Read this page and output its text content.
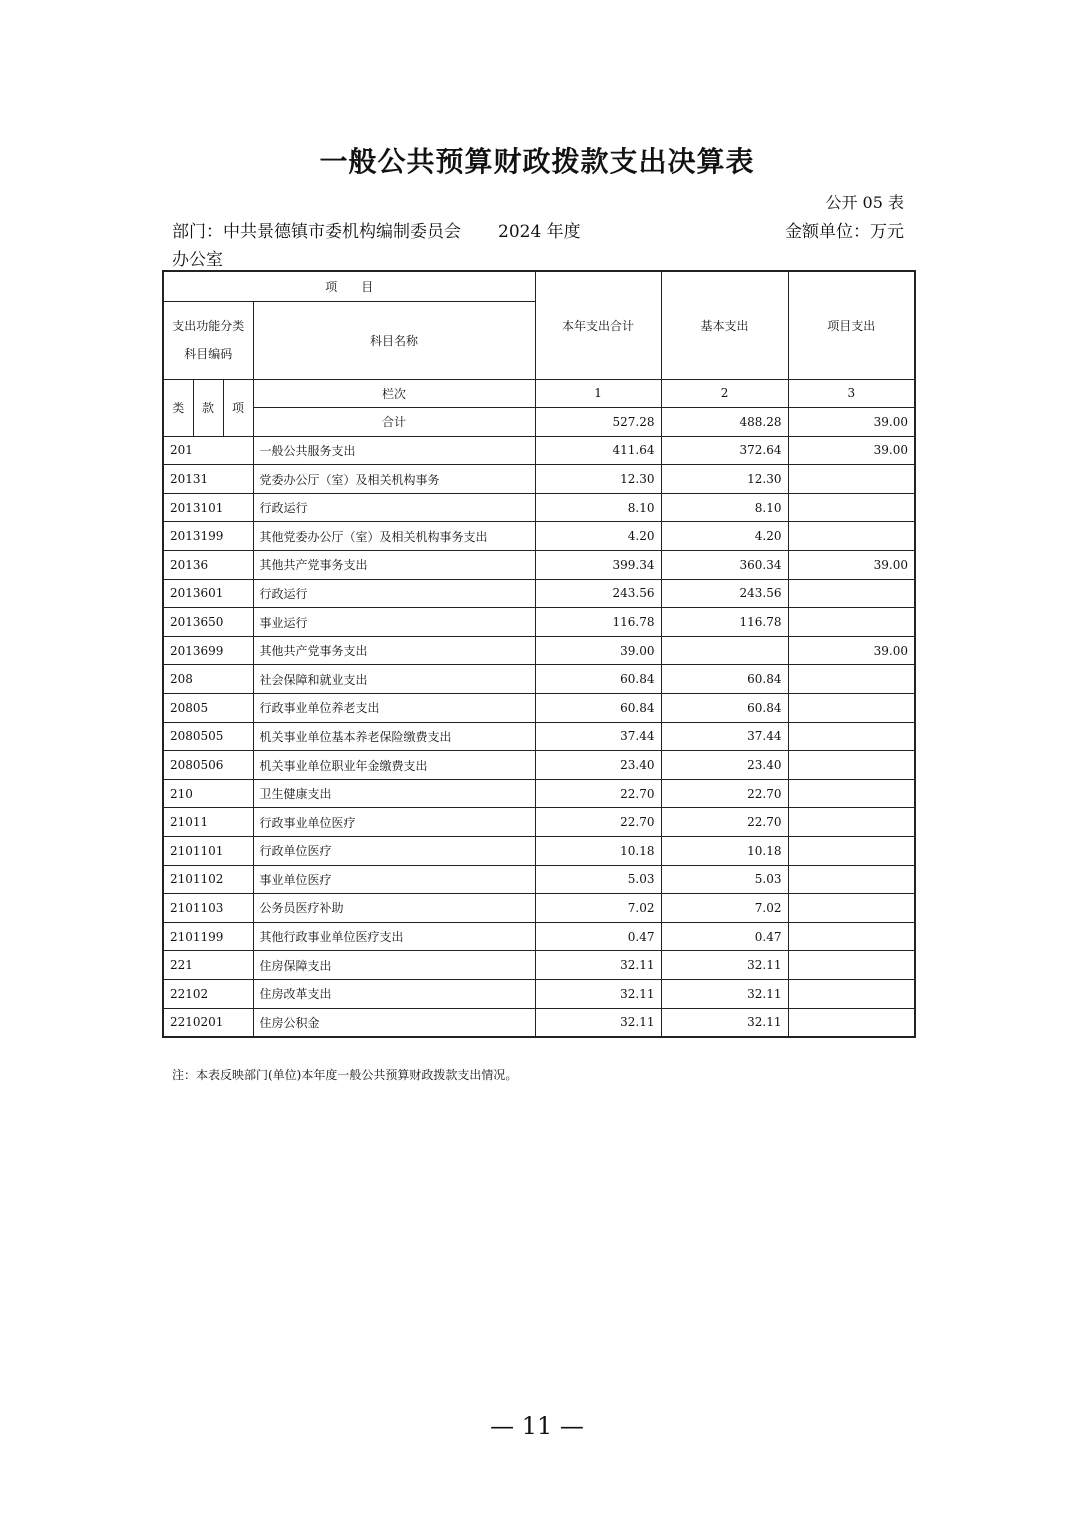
一般公共预算财政拨款支出决算表
公开 05 表
部门：中共景德镇市委机构编制委员会办公室
2024 年度	金额单位：万元
项　　目				本年支出合计	基本支出	项目支出
支出功能分类科目编码			科目名称			
类	款	项	栏次	1	2	3
			合计	527.28	488.28	39.00
201			一般公共服务支出	411.64	372.64	39.00
20131			党委办公厅（室）及相关机构事务	12.30	12.30	
2013101			行政运行	8.10	8.10	
2013199			其他党委办公厅（室）及相关机构事务支出	4.20	4.20	
20136			其他共产党事务支出	399.34	360.34	39.00
2013601			行政运行	243.56	243.56	
2013650			事业运行	116.78	116.78	
2013699			其他共产党事务支出	39.00		39.00
208			社会保障和就业支出	60.84	60.84	
20805			行政事业单位养老支出	60.84	60.84	
2080505			机关事业单位基本养老保险缴费支出	37.44	37.44	
2080506			机关事业单位职业年金缴费支出	23.40	23.40	
210			卫生健康支出	22.70	22.70	
21011			行政事业单位医疗	22.70	22.70	
2101101			行政单位医疗	10.18	10.18	
2101102			事业单位医疗	5.03	5.03	
2101103			公务员医疗补助	7.02	7.02	
2101199			其他行政事业单位医疗支出	0.47	0.47	
221			住房保障支出	32.11	32.11	
22102			住房改革支出	32.11	32.11	
2210201			住房公积金	32.11	32.11	
注：本表反映部门(单位)本年度一般公共预算财政拨款支出情况。
— 11 —
